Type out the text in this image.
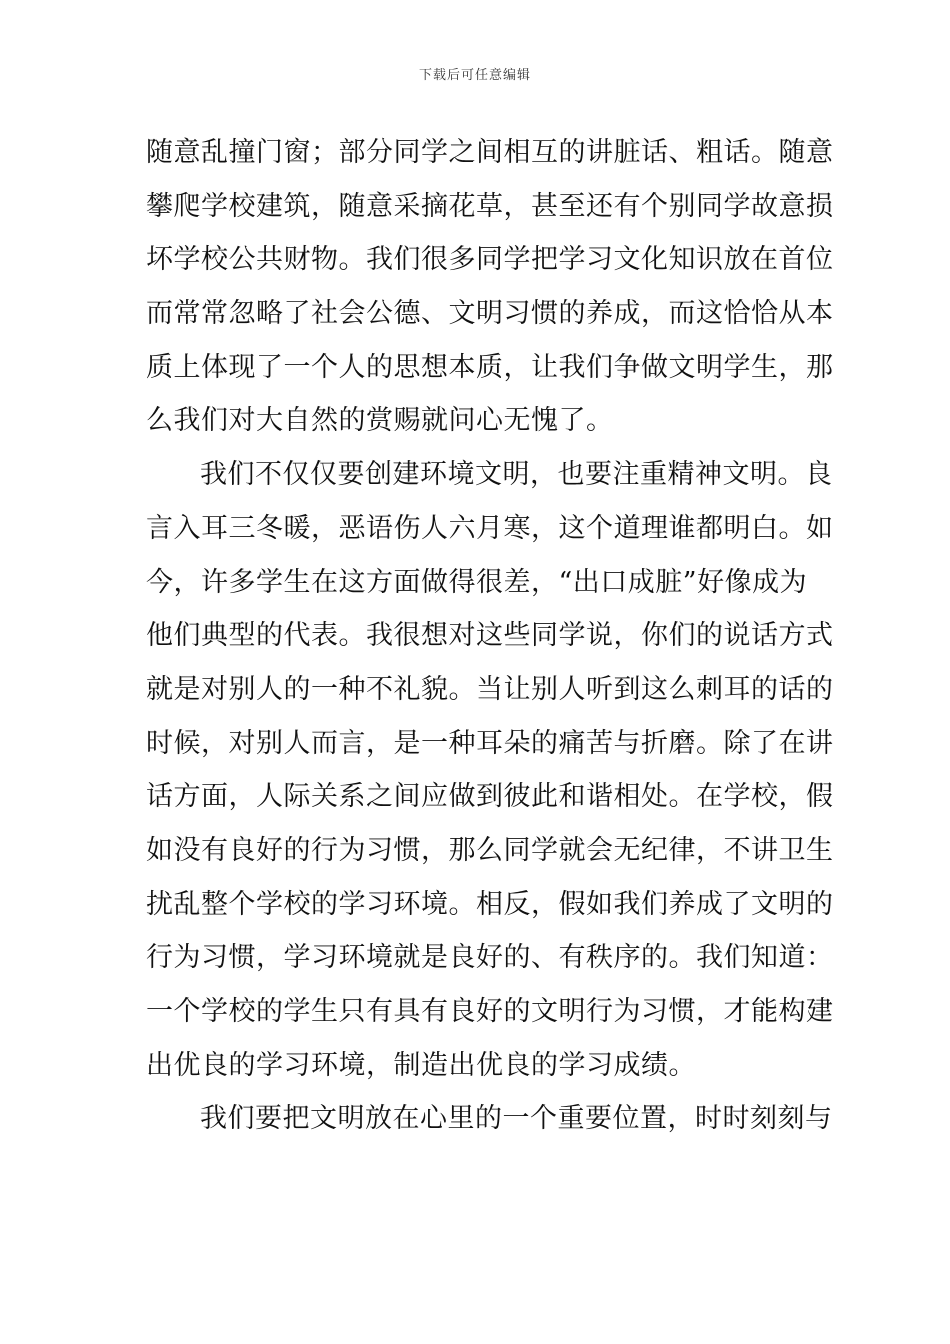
下载后可任意编辑
随意乱撞门窗；部分同学之间相互的讲脏话、粗话。随意
攀爬学校建筑，随意采摘花草，甚至还有个别同学故意损
坏学校公共财物。我们很多同学把学习文化知识放在首位
而常常忽略了社会公德、文明习惯的养成，而这恰恰从本
质上体现了一个人的思想本质，让我们争做文明学生，那
么我们对大自然的赏赐就问心无愧了。
我们不仅仅要创建环境文明，也要注重精神文明。良
言入耳三冬暖，恶语伤人六月寒，这个道理谁都明白。如
今，许多学生在这方面做得很差，“出口成脏”好像成为
他们典型的代表。我很想对这些同学说，你们的说话方式
就是对别人的一种不礼貌。当让别人听到这么刺耳的话的
时候，对别人而言，是一种耳朵的痛苦与折磨。除了在讲
话方面，人际关系之间应做到彼此和谐相处。在学校，假
如没有良好的行为习惯，那么同学就会无纪律，不讲卫生
扰乱整个学校的学习环境。相反，假如我们养成了文明的
行为习惯，学习环境就是良好的、有秩序的。我们知道：
一个学校的学生只有具有良好的文明行为习惯，才能构建
出优良的学习环境，制造出优良的学习成绩。
我们要把文明放在心里的一个重要位置，时时刻刻与
